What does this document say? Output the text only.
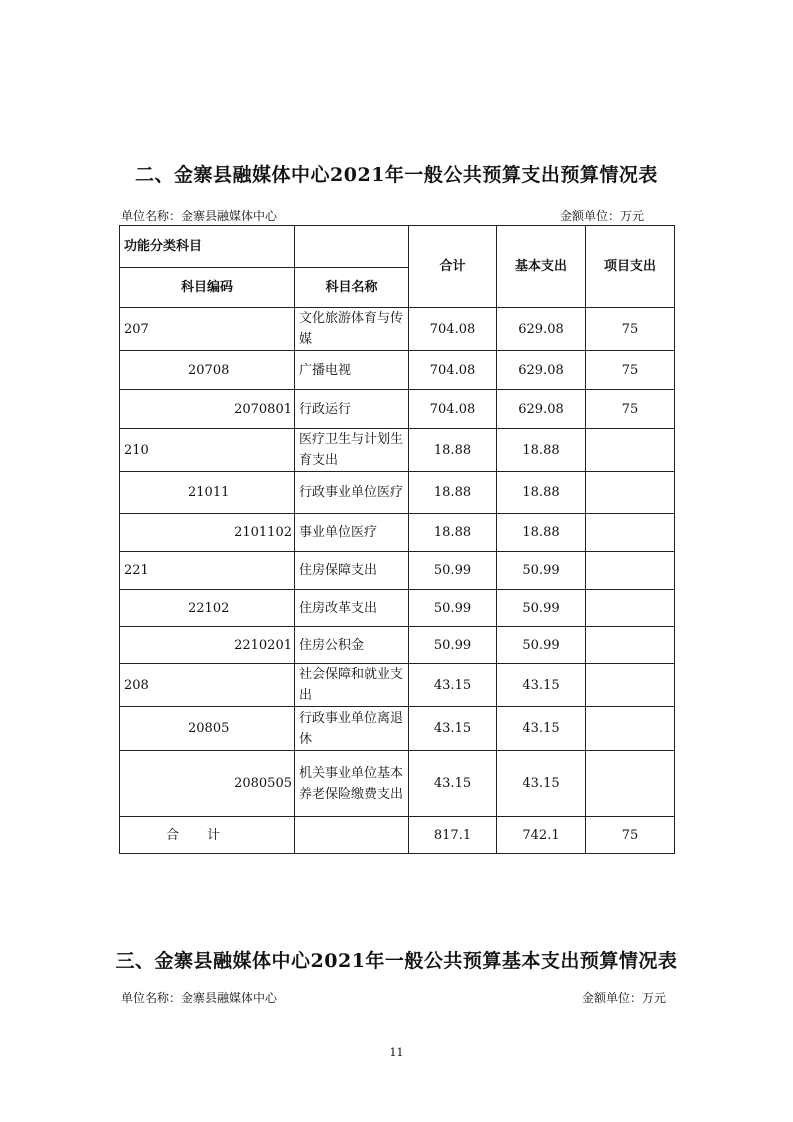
二、金寨县融媒体中心2021年一般公共预算支出预算情况表
单位名称：金寨县融媒体中心	金额单位：万元
功能分类科目		合计	基本支出	项目支出
科目编码	科目名称			
207	文化旅游体育与传媒	704.08	629.08	75
20708	广播电视	704.08	629.08	75
2070801	行政运行	704.08	629.08	75
210	医疗卫生与计划生育支出	18.88	18.88	
21011	行政事业单位医疗	18.88	18.88	
2101102	事业单位医疗	18.88	18.88	
221	住房保障支出	50.99	50.99	
22102	住房改革支出	50.99	50.99	
2210201	住房公积金	50.99	50.99	
208	社会保障和就业支出	43.15	43.15	
20805	行政事业单位离退休	43.15	43.15	
2080505	机关事业单位基本养老保险缴费支出	43.15	43.15	
合计		817.1	742.1	75
三、金寨县融媒体中心2021年一般公共预算基本支出预算情况表
单位名称：金寨县融媒体中心	金额单位：万元
11
